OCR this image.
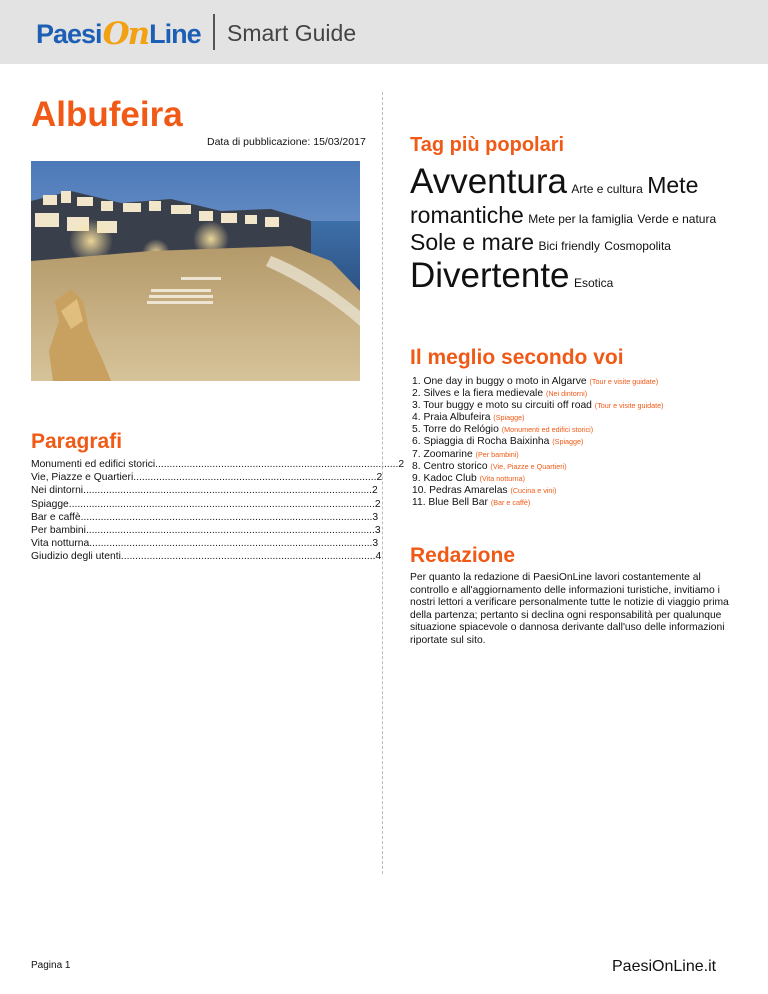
Paesi On Line Smart Guide
Albufeira
Data di pubblicazione: 15/03/2017
Paragrafi
Monumenti ed edifici storici..................................................................................... 2
Vie, Piazze e Quartieri..................................................................................... 2
Nei dintorni..................................................................................................... 2
Spiagge........................................................................................................... 2
Bar e caffè...................................................................................................... 3
Per bambini..................................................................................................... 3
Vita notturna................................................................................................... 3
Giudizio degli utenti......................................................................................... 4
Tag più popolari
Avventura Arte e cultura Mete romantiche Mete per la famiglia Verde e natura Sole e mare Bici friendly Cosmopolita Divertente Esotica
Il meglio secondo voi
1. One day in buggy o moto in Algarve (Tour e visite guidate)
2. Silves e la fiera medievale (Nei dintorni)
3. Tour buggy e moto su circuiti off road (Tour e visite guidate)
4. Praia Albufeira (Spiagge)
5. Torre do Relógio (Monumenti ed edifici storici)
6. Spiaggia di Rocha Baixinha (Spiagge)
7. Zoomarine (Per bambini)
8. Centro storico (Vie, Piazze e Quartieri)
9. Kadoc Club (Vita notturna)
10. Pedras Amarelas (Cucina e vini)
11. Blue Bell Bar (Bar e caffè)
Redazione
Per quanto la redazione di PaesiOnLine lavori costantemente al controllo e all'aggiornamento delle informazioni turistiche, invitiamo i nostri lettori a verificare personalmente tutte le notizie di viaggio prima della partenza; pertanto si declina ogni responsabilità per qualunque situazione spiacevole o dannosa derivante dall'uso delle informazioni riportate sul sito.
Pagina 1	PaesiOnLine.it
